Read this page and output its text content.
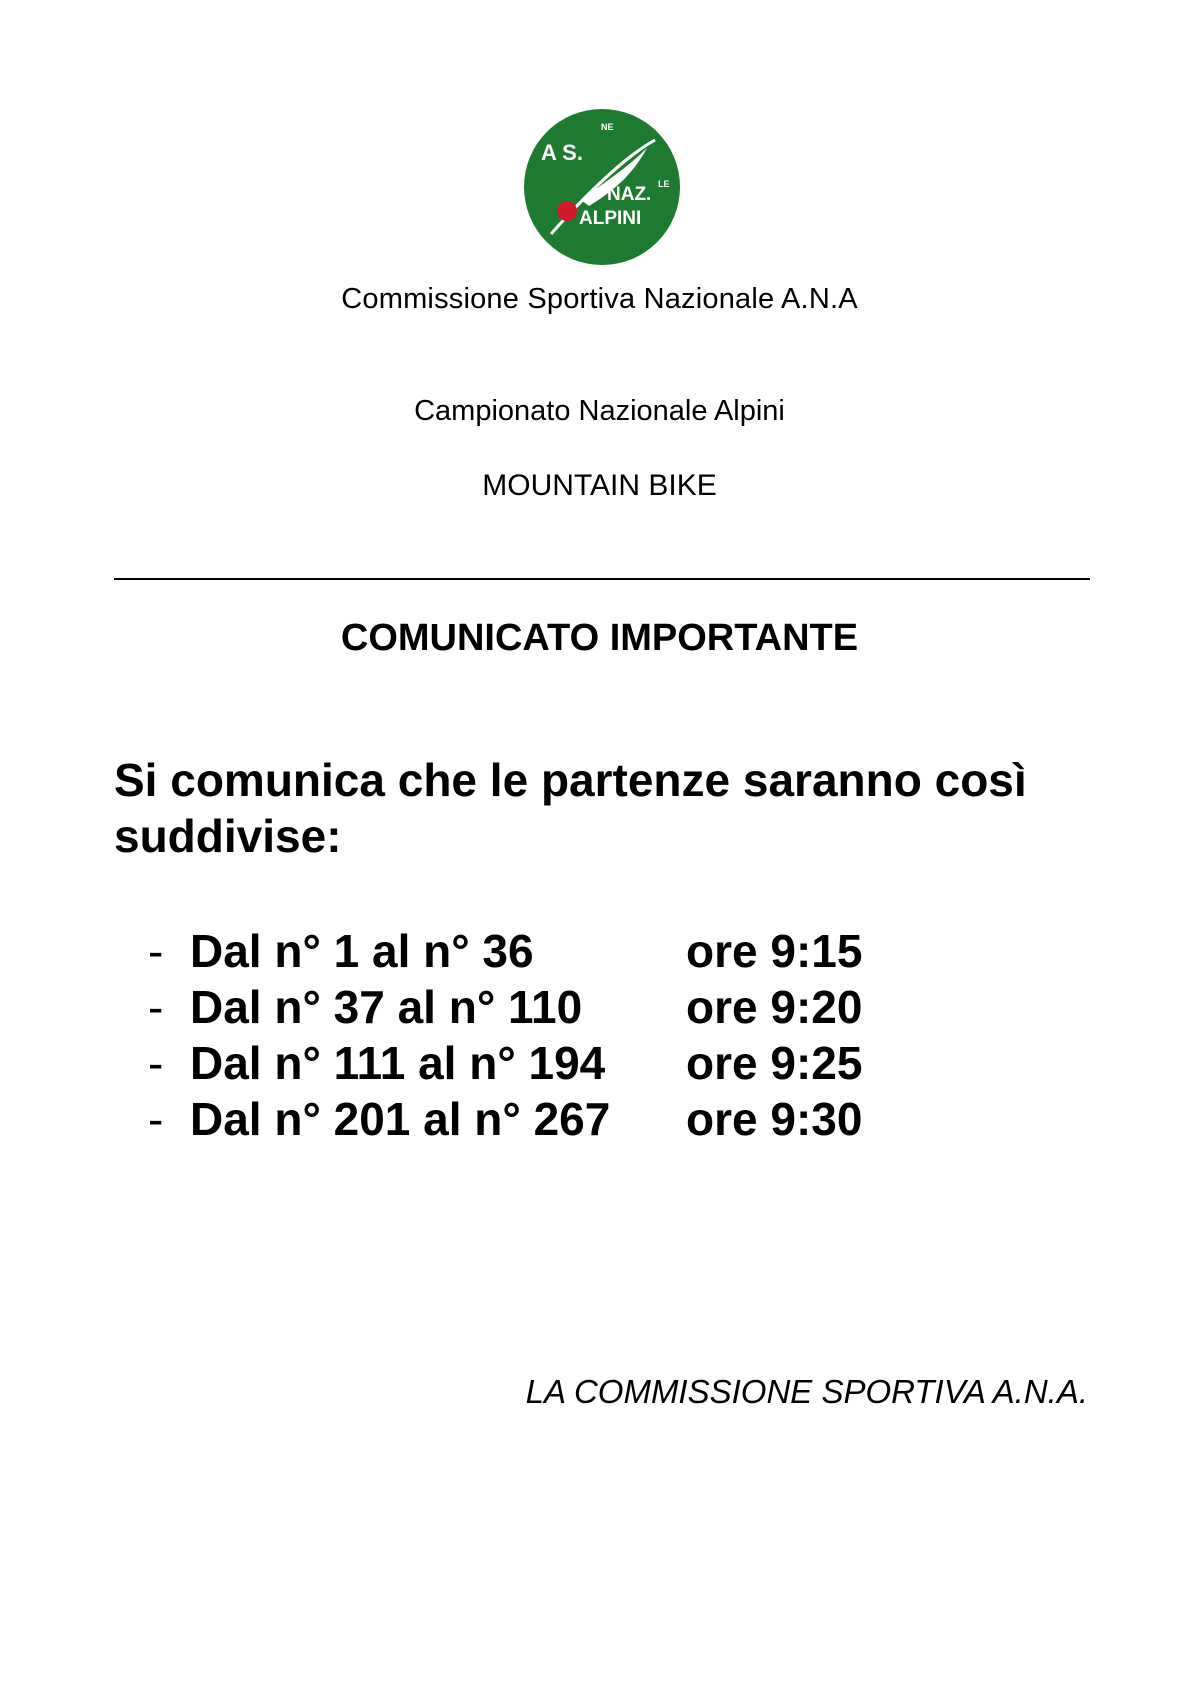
A S.
NE
NAZ. LE
ALPINI
Commissione Sportiva Nazionale A.N.A
Campionato Nazionale Alpini
MOUNTAIN BIKE
COMUNICATO IMPORTANTE
Si comunica che le partenze saranno così suddivise:
- Dal n° 1 al n° 36	ore 9:15
- Dal n° 37 al n° 110 ore 9:20
- Dal n° 111 al n° 194 ore 9:25
- Dal n° 201 al n° 267 ore 9:30
LA COMMISSIONE SPORTIVA A.N.A.
